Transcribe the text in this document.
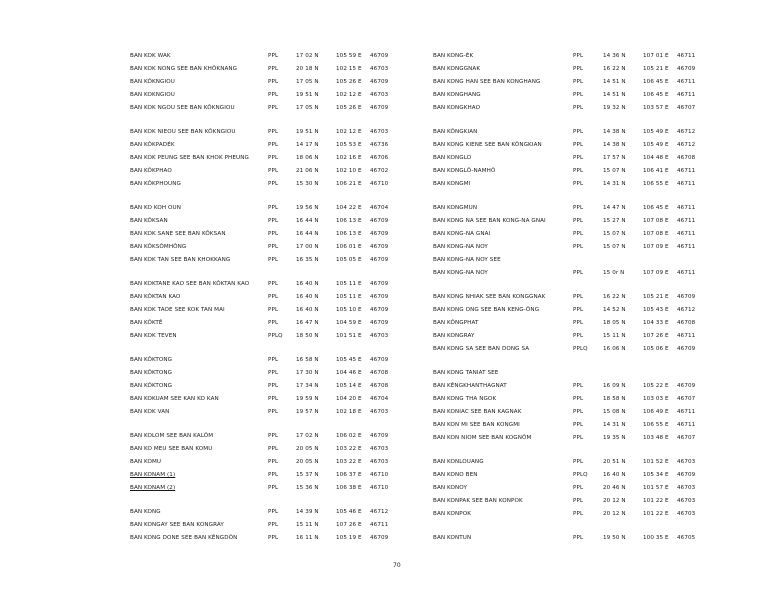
BAN KOK WAK	PPL	17 02 N	105 59 E 46709
BAN KOK NONG SEE BAN KHÔKNANG	PPL	20 18 N	102 15 E 46703
BAN KÔKNGIOU	PPL	17 05 N	105 26 E 46709
BAN KOKNGIOU	PPL	19 51 N	102 12 E 46703
BAN KOK NGOU SEE BAN KÔKNGIOU	PPL	17 05 N	105 26 E 46709
BAN KOK NIEOU SEE BAN KÔKNGIOU	PPL	19 51 N	102 12 E 46703
BAN KÔKPADÉK	PPL	14 17 N	105 53 E 46736
BAN KOK PEUNG SEE BAN KHOK PHEUNG	PPL	18 06 N	102 16 E 46706
BAN KÔKPHAO	PPL	21 06 N	102 10 E 46702
BAN KÔKPHOUNG	PPL	15 30 N	106 21 E 46710
BAN KO KOH OUN	PPL	19 56 N	104 22 E 46704
BAN KÔKSAN	PPL	16 44 N	106 13 E 46709
BAN KOK SANE SEE BAN KÔKSAN	PPL	16 44 N	106 13 E 46709
BAN KÔKSÔMHÔNG	PPL	17 00 N	106 01 E 46709
BAN KOK TAN SEE BAN KHOKKANG	PPL	16 35 N	105 05 E 46709
BAN KOKTANE KAO SEE BAN KÔKTAN KAO	PPL	16 40 N	105 11 E 46709
BAN KÔKTAN KAO	PPL	16 40 N	105 11 E 46709
BAN KOK TAOE SEE KOK TAN MAI	PPL	16 40 N	105 10 E 46709
BAN KÔKTÊ	PPL	16 47 N	104 59 E 46709
BAN KOK TEVEN	PPLQ 18 50 N	101 51 E 46703
BAN KÔKTONG	PPL	16 58 N	105 45 E 46709
BAN KÔKTONG	PPL	17 30 N	104 46 E 46708
BAN KÔKTONG	PPL	17 34 N	105 14 E 46708
BAN KOKUAM SEE KAN KO KAN	PPL	19 59 N	104 20 E 46704
BAN KOK VAN	PPL	19 57 N	102 18 E 46703
BAN KOLOM SEE BAN KALÔM	PPL	17 02 N	106 02 E 46709
BAN KO MEU SEE BAN KOMU	PPL	20 05 N	103 22 E 46703
BAN KOMU	PPL	20 05 N	103 22 E 46703
BAN KONAM (1)	PPL	15 37 N	106 37 E 46710
BAN KONAM (2)	PPL	15 36 N	106 38 E 46710
BAN KONG	PPL	14 39 N	105 46 E 46712
BAN KONGAY SEE BAN KONGRAY	PPL	15 11 N	107 26 E 46711
BAN KONG DONE SEE BAN KÊNGDÔN	PPL	16 11 N	105 19 E 46709
BAN KONG-ÉK	PPL	14 36 N	107 01 E 46711
BAN KONGGNAK	PPL	16 22 N	105 21 E 46709
BAN KONG HAN SEE BAN KONGHANG	PPL	14 51 N	106 45 E 46711
BAN KONGHANG	PPL	14 51 N	106 45 E 46711
BAN KONGKHAO	PPL	19 32 N	103 57 E 46707
BAN KÔNGKIAN	PPL	14 38 N	105 49 E 46712
BAN KONG KIENE SEE BAN KÔNGKIAN	PPL	14 38 N	105 49 E 46712
BAN KONGLO	PPL	17 57 N	104 48 E 46708
BAN KONGLÔ-NAMHÔ	PPL	15 07 N	106 41 E 46711
BAN KONGMI	PPL	14 31 N	106 55 E 46711
BAN KONGMUN	PPL	14 47 N	106 45 E 46711
BAN KONG NA SEE BAN KONG-NA GNAI	PPL	15 27 N	107 08 E 46711
BAN KONG-NA GNAI	PPL	15 07 N	107 08 E 46711
BAN KONG-NA NOY	PPL	15 07 N	107 09 E 46711
BAN KONG-NA NOY SEE
BAN KONG-NA NOY	PPL	15 0r N	107 09 E 46711
BAN KONG NHIAK SEE BAN KONGGNAK	PPL	16 22 N	105 21 E 46709
BAN KONG ONG SEE BAN KENG-ÔNG	PPL	14 52 N	105 43 E 46712
BAN KÔNGPHAT	PPL	18 05 N	104 33 E 46708
BAN KONGRAY	PPL	15 11 N	107 26 E 46711
BAN KONG SA SEE BAN DONG SA	PPLQ	16 06 N	105 06 E 46709
BAN KONG TANIAT SEE
BAN KÊNGKHANTHAGNAT	PPL	16 09 N	105 22 E 46709
BAN KONG THA NGOK	PPL	18 58 N	103 03 E 46707
BAN KONIAC SEE BAN KAGNAK	PPL	15 08 N	106 49 E 46711
BAN KON MI SEE BAN KONGMI	PPL	14 31 N	106 55 E 46711
BAN KON NIOM SEE BAN KOGNÔM	PPL	19 35 N	103 48 E 46707
BAN KONLOUANG	PPL	20 51 N	101 52 E 46703
BAN KONO BEN	PPLQ	16 40 N	105 34 E 46709
BAN KONOY	PPL	20 46 N	101 57 E 46703
BAN KONPAK SEE BAN KONPOK	PPL	20 12 N	101 22 E 46703
BAN KONPOK	PPL	20 12 N	101 22 E 46703
BAN KONTUN	PPL	19 50 N	100 35 E 46705
70
